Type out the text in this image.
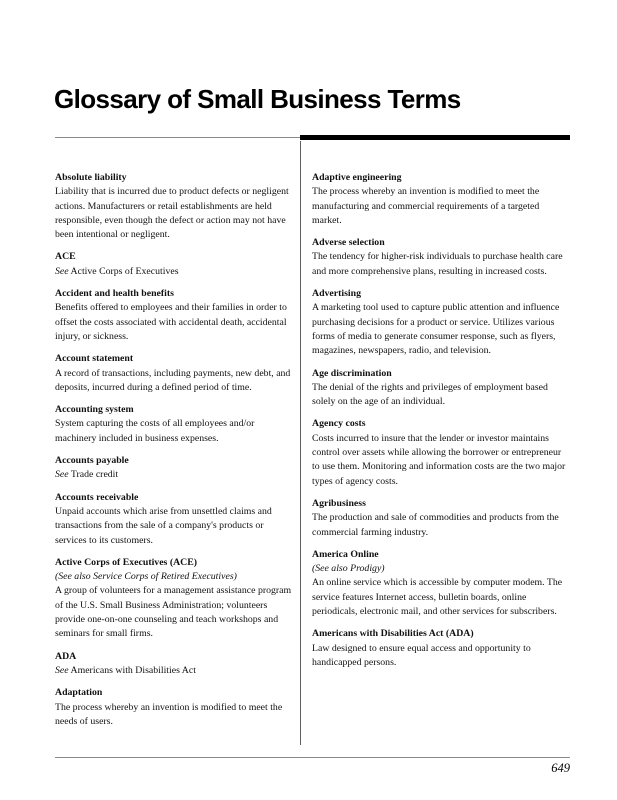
Glossary of Small Business Terms
Absolute liability
Liability that is incurred due to product defects or negligent actions. Manufacturers or retail establishments are held responsible, even though the defect or action may not have been intentional or negligent.
ACE
See Active Corps of Executives
Accident and health benefits
Benefits offered to employees and their families in order to offset the costs associated with accidental death, accidental injury, or sickness.
Account statement
A record of transactions, including payments, new debt, and deposits, incurred during a defined period of time.
Accounting system
System capturing the costs of all employees and/or machinery included in business expenses.
Accounts payable
See Trade credit
Accounts receivable
Unpaid accounts which arise from unsettled claims and transactions from the sale of a company's products or services to its customers.
Active Corps of Executives (ACE)
(See also Service Corps of Retired Executives)
A group of volunteers for a management assistance program of the U.S. Small Business Administration; volunteers provide one-on-one counseling and teach workshops and seminars for small firms.
ADA
See Americans with Disabilities Act
Adaptation
The process whereby an invention is modified to meet the needs of users.
Adaptive engineering
The process whereby an invention is modified to meet the manufacturing and commercial requirements of a targeted market.
Adverse selection
The tendency for higher-risk individuals to purchase health care and more comprehensive plans, resulting in increased costs.
Advertising
A marketing tool used to capture public attention and influence purchasing decisions for a product or service. Utilizes various forms of media to generate consumer response, such as flyers, magazines, newspapers, radio, and television.
Age discrimination
The denial of the rights and privileges of employment based solely on the age of an individual.
Agency costs
Costs incurred to insure that the lender or investor maintains control over assets while allowing the borrower or entrepreneur to use them. Monitoring and information costs are the two major types of agency costs.
Agribusiness
The production and sale of commodities and products from the commercial farming industry.
America Online
(See also Prodigy)
An online service which is accessible by computer modem. The service features Internet access, bulletin boards, online periodicals, electronic mail, and other services for subscribers.
Americans with Disabilities Act (ADA)
Law designed to ensure equal access and opportunity to handicapped persons.
649
